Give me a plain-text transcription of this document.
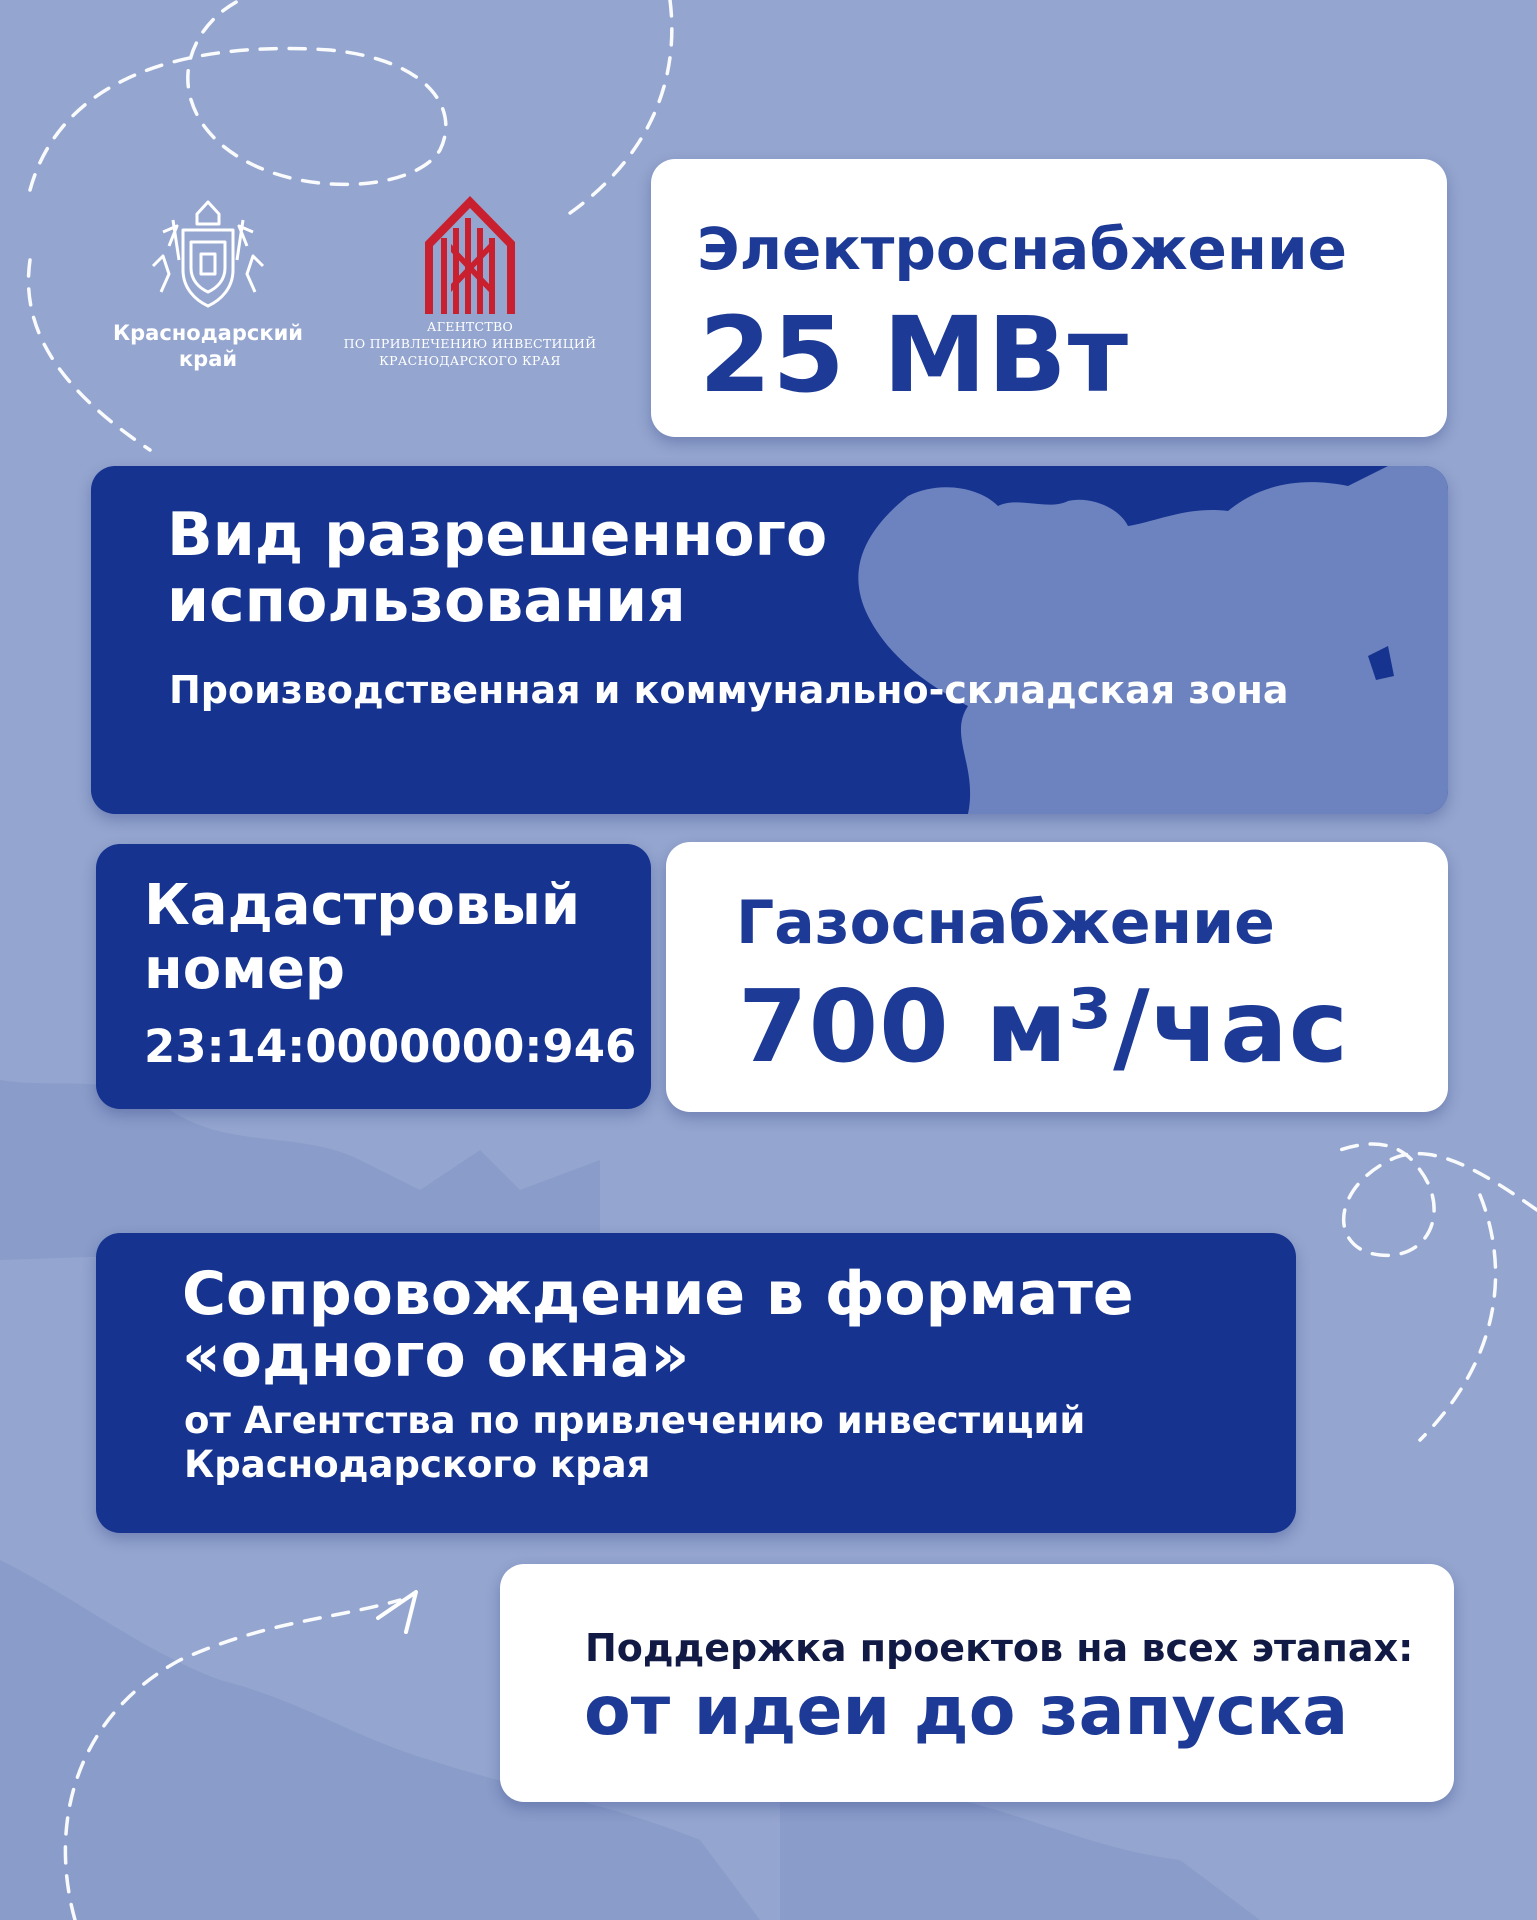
Краснодарский край
АГЕНТСТВО
ПО ПРИВЛЕЧЕНИЮ ИНВЕСТИЦИЙ
КРАСНОДАРСКОГО КРАЯ
Электроснабжение
25 МВт
Вид разрешенного использования
Производственная и коммунально-складская зона
Кадастровый номер
23:14:0000000:946
Газоснабжение
700 м³/час
Сопровождение в формате «одного окна»
от Агентства по привлечению инвестиций Краснодарского края
Поддержка проектов на всех этапах:
от идеи до запуска
